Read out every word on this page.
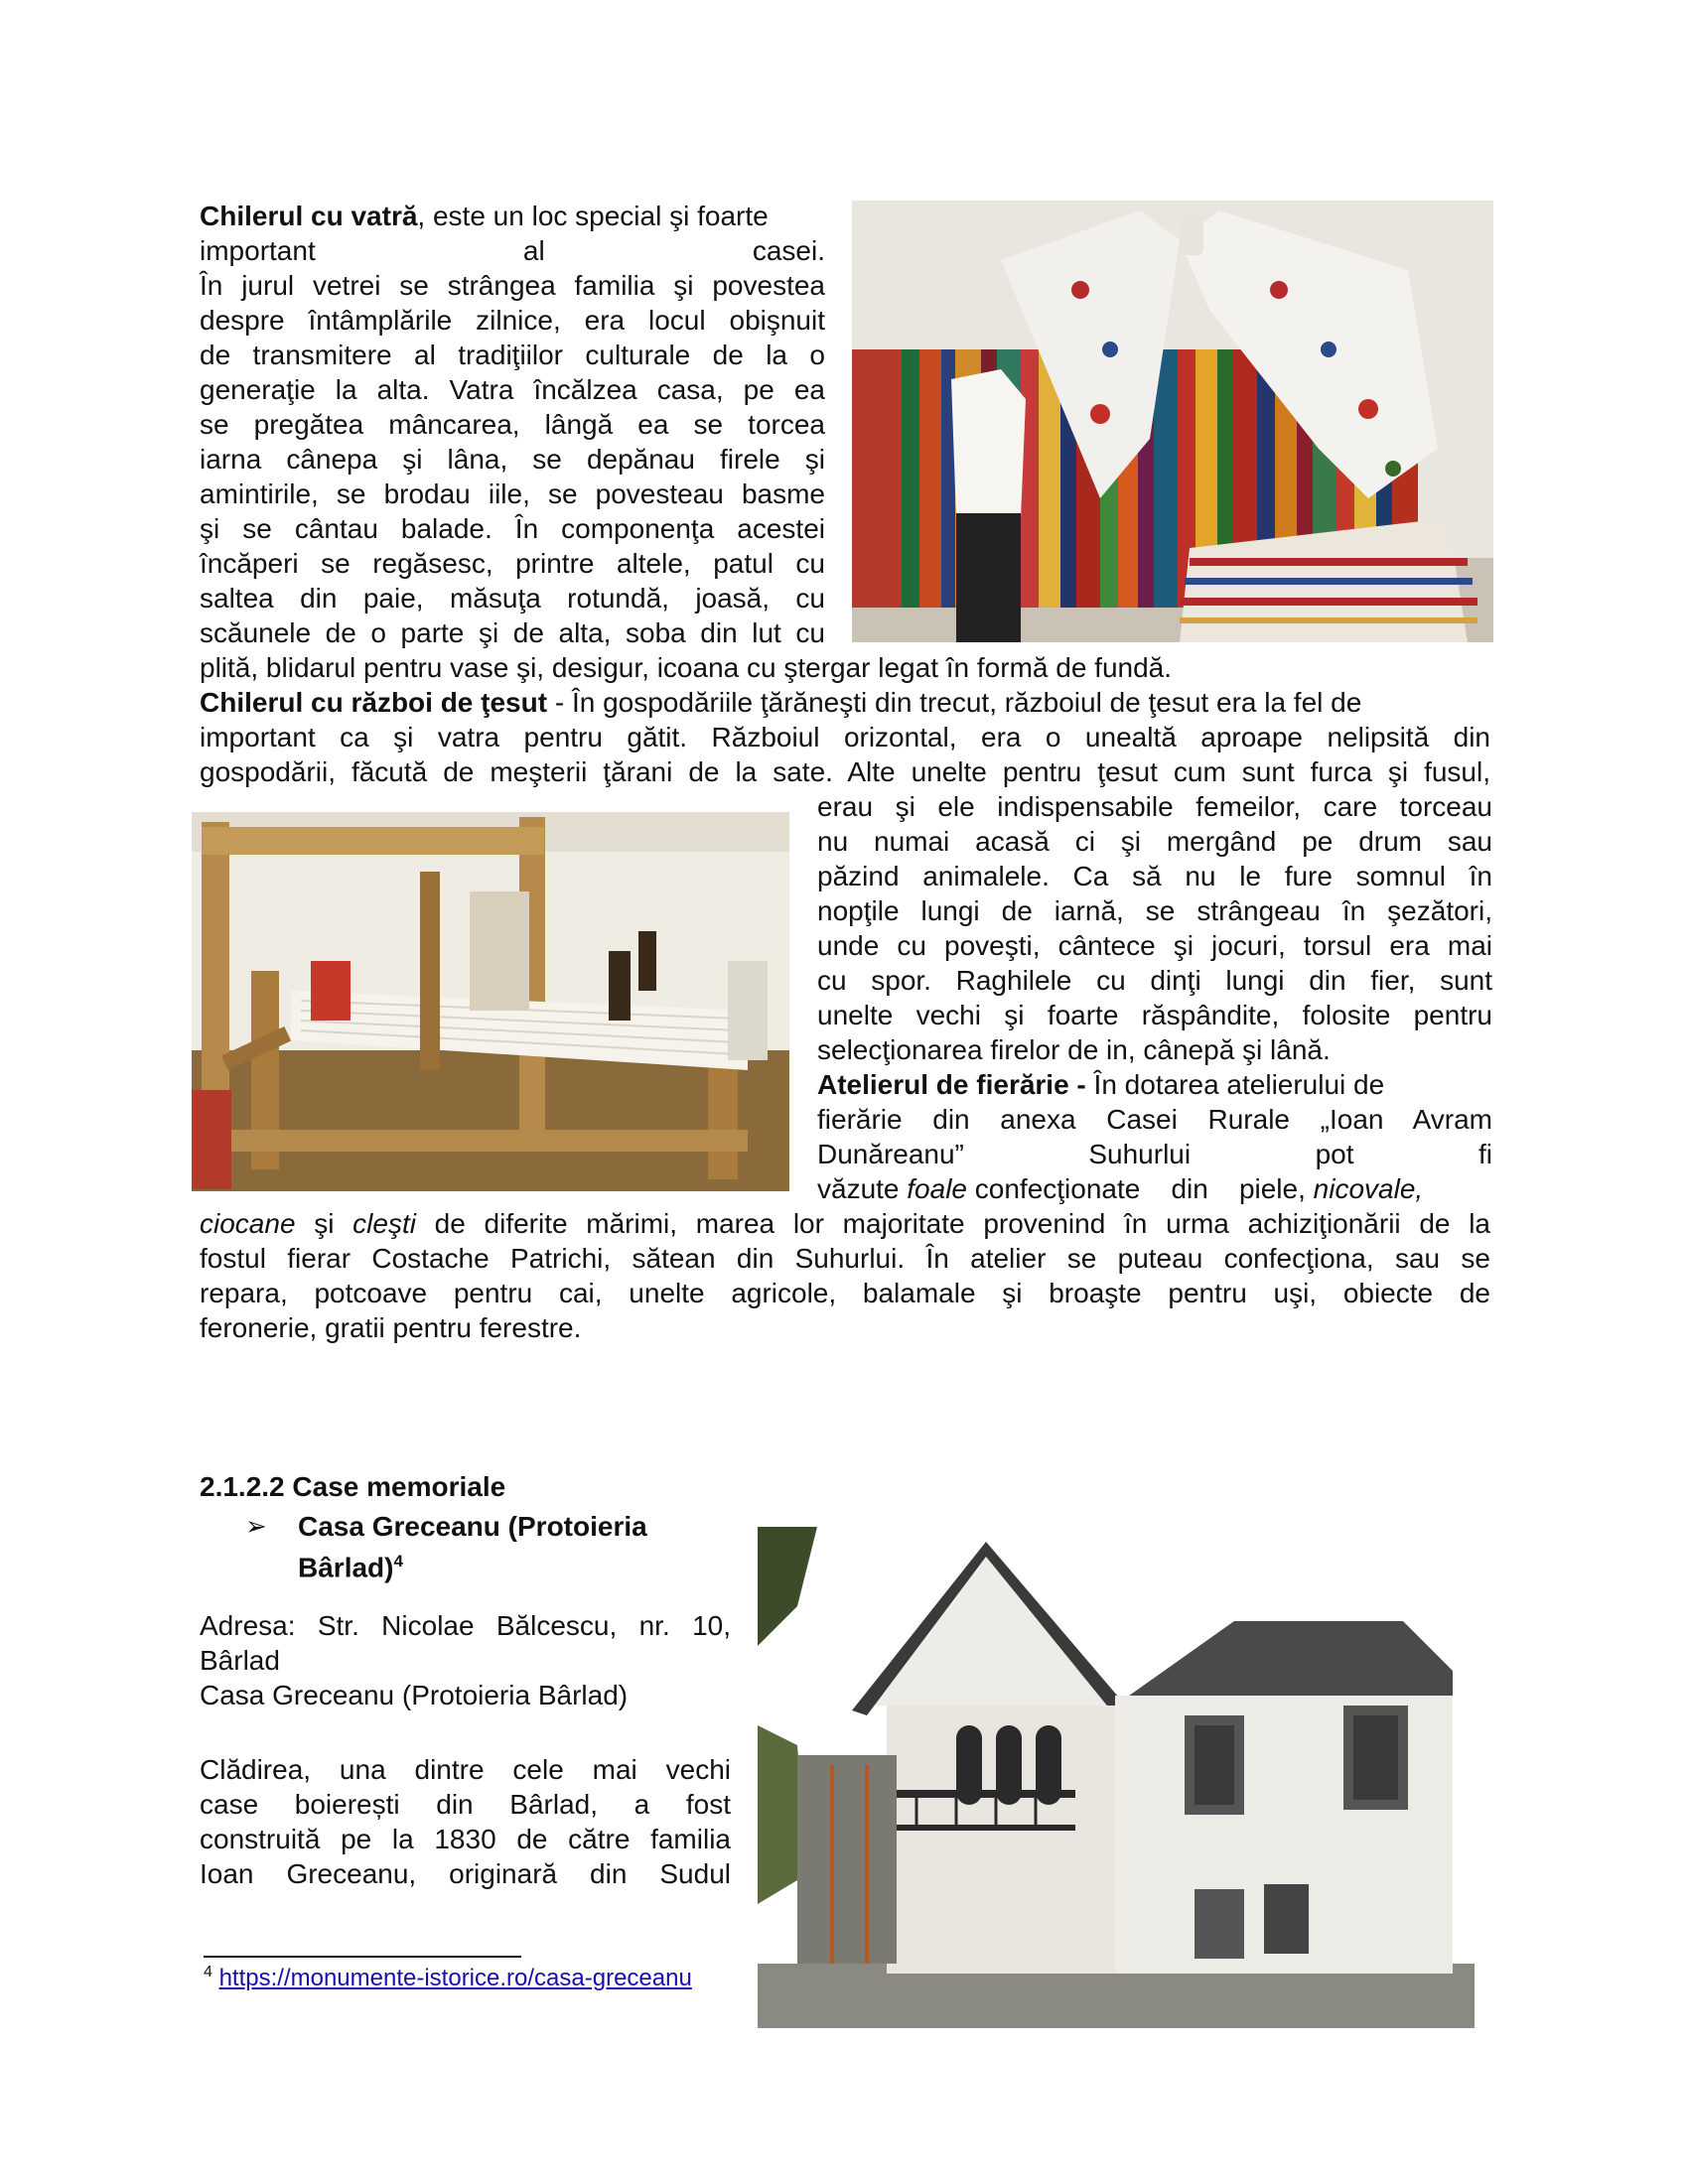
Chilerul cu vatră, este un loc special şi foarte
important al casei.
În jurul vetrei se strângea familia şi povestea
despre întâmplările zilnice, era locul obişnuit
de transmitere al tradiţiilor culturale de la o
generaţie la alta. Vatra încălzea casa, pe ea
se pregătea mâncarea, lângă ea se torcea
iarna cânepa şi lâna, se depănau firele şi
amintirile, se brodau iile, se povesteau basme
şi se cântau balade. În componenţa acestei
încăperi se regăsesc, printre altele, patul cu
saltea din paie, măsuţa rotundă, joasă, cu
scăunele de o parte şi de alta, soba din lut cu
plită, blidarul pentru vase şi, desigur, icoana cu ştergar legat în formă de fundă.
Chilerul cu război de ţesut - În gospodăriile ţărăneşti din trecut, războiul de ţesut era la fel de
important ca şi vatra pentru gătit. Războiul orizontal, era o unealtă aproape nelipsită din
gospodării, făcută de meşterii ţărani de la sate. Alte unelte pentru ţesut cum sunt furca şi fusul,
erau şi ele indispensabile femeilor, care torceau
nu numai acasă ci şi mergând pe drum sau
păzind animalele. Ca să nu le fure somnul în
nopţile lungi de iarnă, se strângeau în şezători,
unde cu poveşti, cântece şi jocuri, torsul era mai
cu spor. Raghilele cu dinţi lungi din fier, sunt
unelte vechi şi foarte răspândite, folosite pentru
selecţionarea firelor de in, cânepă şi lână.
Atelierul de fierărie - În dotarea atelierului de
fierărie din anexa Casei Rurale „Ioan Avram
Dunăreanu” Suhurlui pot fi
văzute foale confecţionate    din    piele, nicovale,
ciocane şi cleşti de diferite mărimi, marea lor majoritate provenind în urma achiziţionării de la
fostul fierar Costache Patrichi, sătean din Suhurlui. În atelier se puteau confecţiona, sau se
repara, potcoave pentru cai, unelte agricole, balamale şi broaşte pentru uşi, obiecte de
feronerie, gratii pentru ferestre.
2.1.2.2 Case memoriale
➢ Casa Greceanu (Protoieria
Bârlad)$^4$
Adresa: Str. Nicolae Bălcescu, nr. 10,
Bârlad
Casa Greceanu (Protoieria Bârlad)
Clădirea, una dintre cele mai vechi
case boierești din Bârlad, a fost
construită pe la 1830 de către familia
Ioan Greceanu, originară din Sudul
$^4$ https://monumente-istorice.ro/casa-greceanu
